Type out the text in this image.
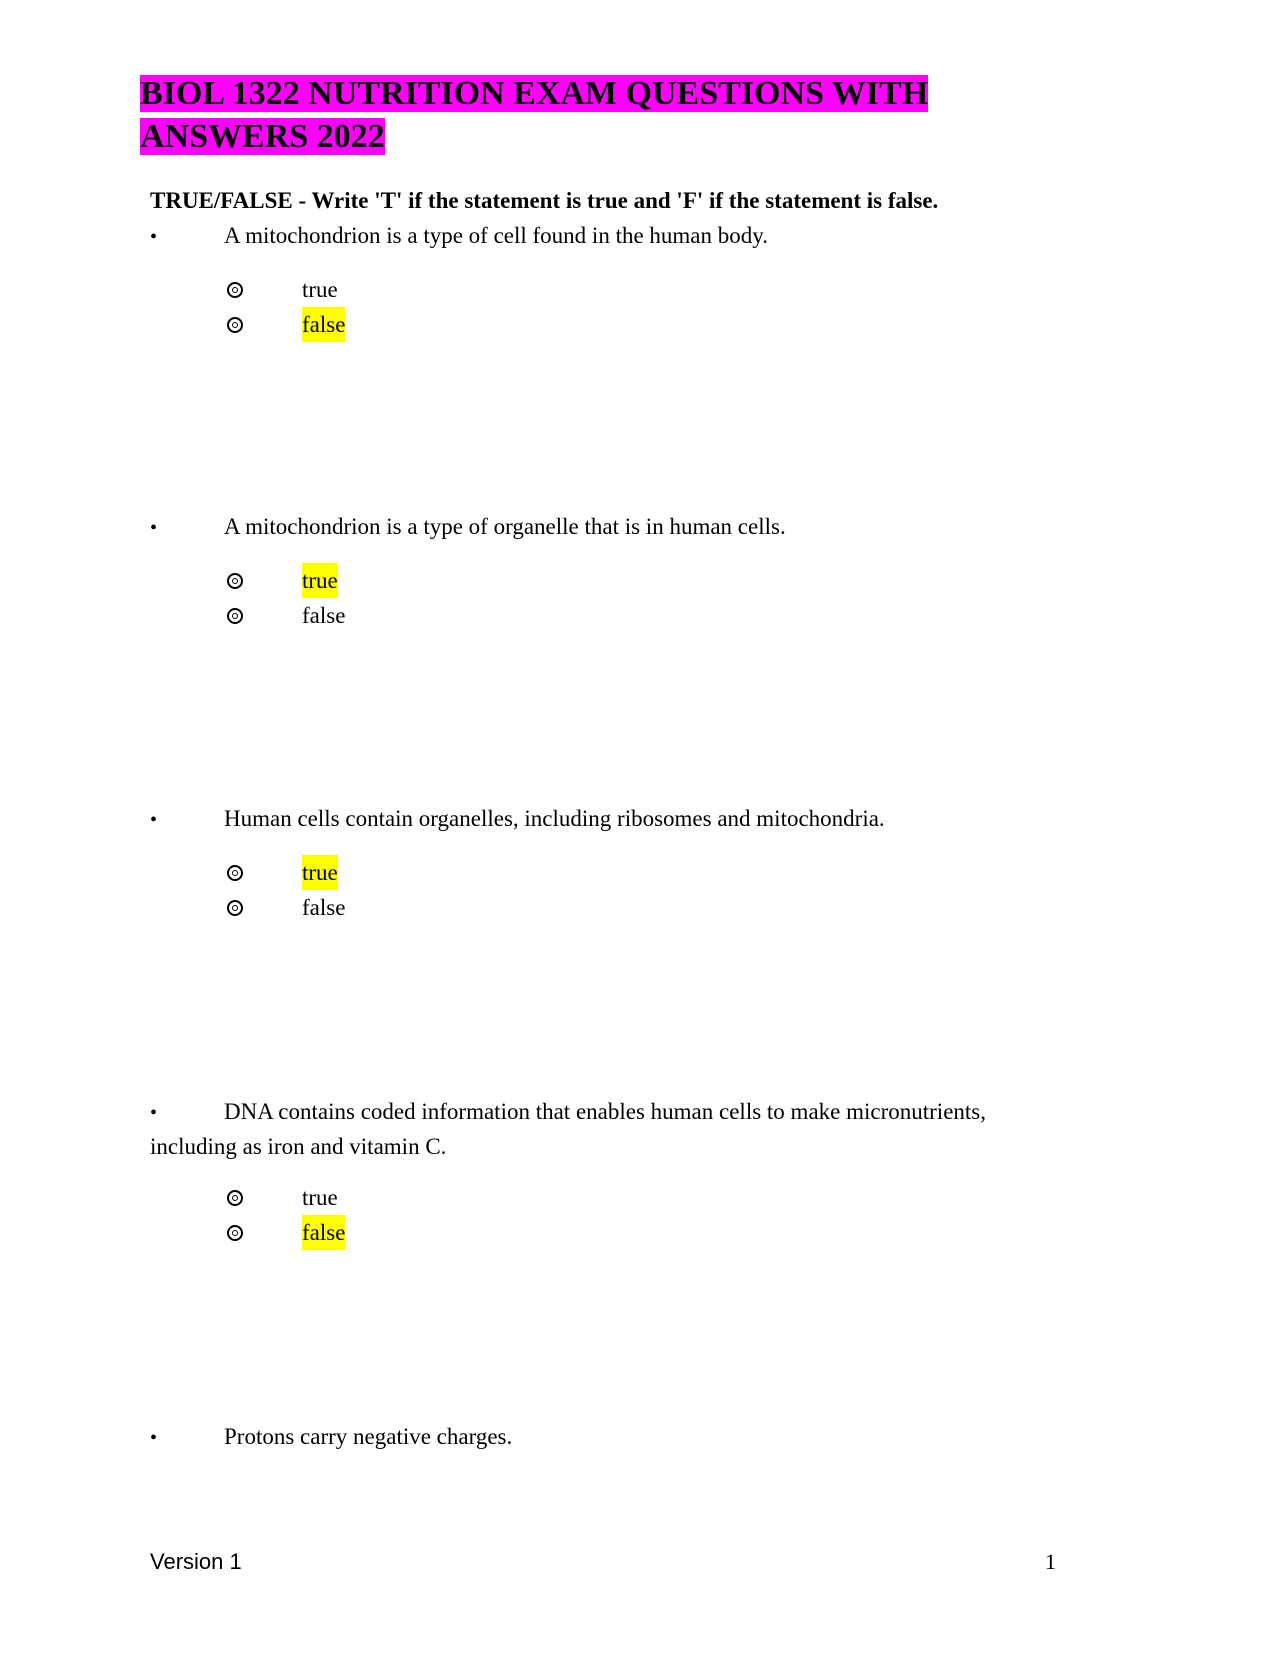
BIOL 1322 NUTRITION EXAM QUESTIONS WITH ANSWERS 2022

TRUE/FALSE - Write 'T' if the statement is true and 'F' if the statement is false.

•	A mitochondrion is a type of cell found in the human body.
true
false
•	A mitochondrion is a type of organelle that is in human cells.
true
false
•	Human cells contain organelles, including ribosomes and mitochondria.
true
false
•	DNA contains coded information that enables human cells to make micronutrients, including as iron and vitamin C.
true
false
•	Protons carry negative charges.
Version 1	1
